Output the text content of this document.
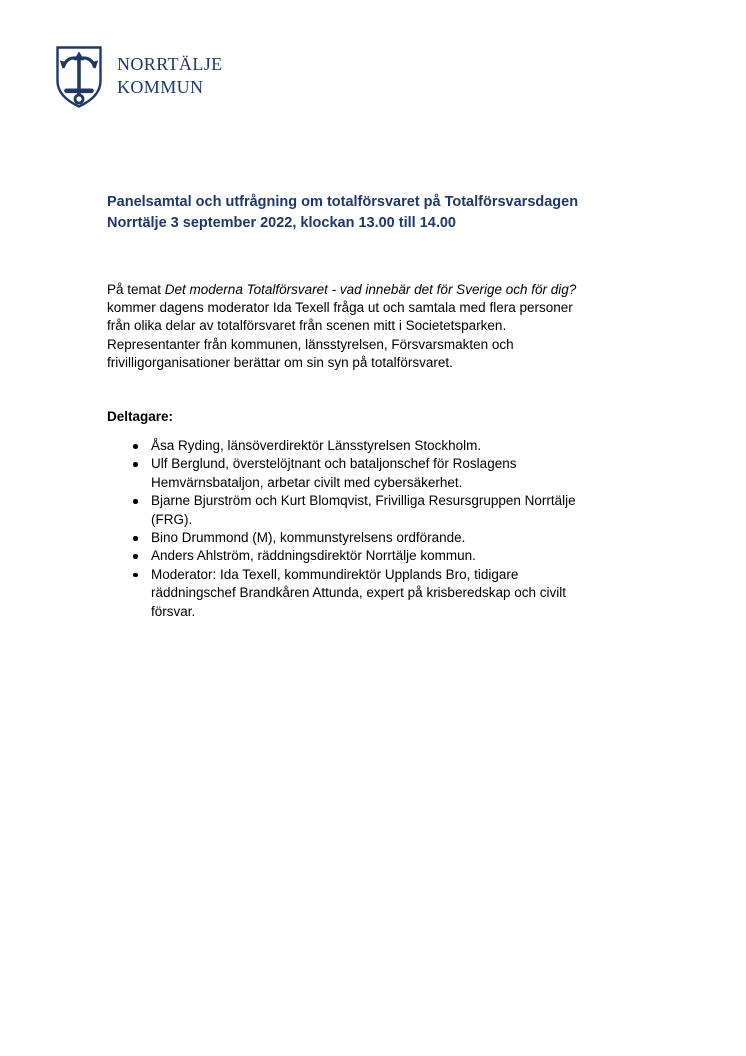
NORRTÄLJE
KOMMUN
Panelsamtal och utfrågning om totalförsvaret på Totalförsvarsdagen
Norrtälje 3 september 2022, klockan 13.00 till 14.00

På temat Det moderna Totalförsvaret - vad innebär det för Sverige och för dig? kommer dagens moderator Ida Texell fråga ut och samtala med flera personer från olika delar av totalförsvaret från scenen mitt i Societetsparken. Representanter från kommunen, länsstyrelsen, Försvarsmakten och frivilligorganisationer berättar om sin syn på totalförsvaret.

Deltagare:
Åsa Ryding, länsöverdirektör Länsstyrelsen Stockholm.
Ulf Berglund, överstelöjtnant och bataljonschef för Roslagens Hemvärnsbataljon, arbetar civilt med cybersäkerhet.
Bjarne Bjurström och Kurt Blomqvist, Frivilliga Resursgruppen Norrtälje (FRG).
Bino Drummond (M), kommunstyrelsens ordförande.
Anders Ahlström, räddningsdirektör Norrtälje kommun.
Moderator: Ida Texell, kommundirektör Upplands Bro, tidigare räddningschef Brandkåren Attunda, expert på krisberedskap och civilt försvar.
